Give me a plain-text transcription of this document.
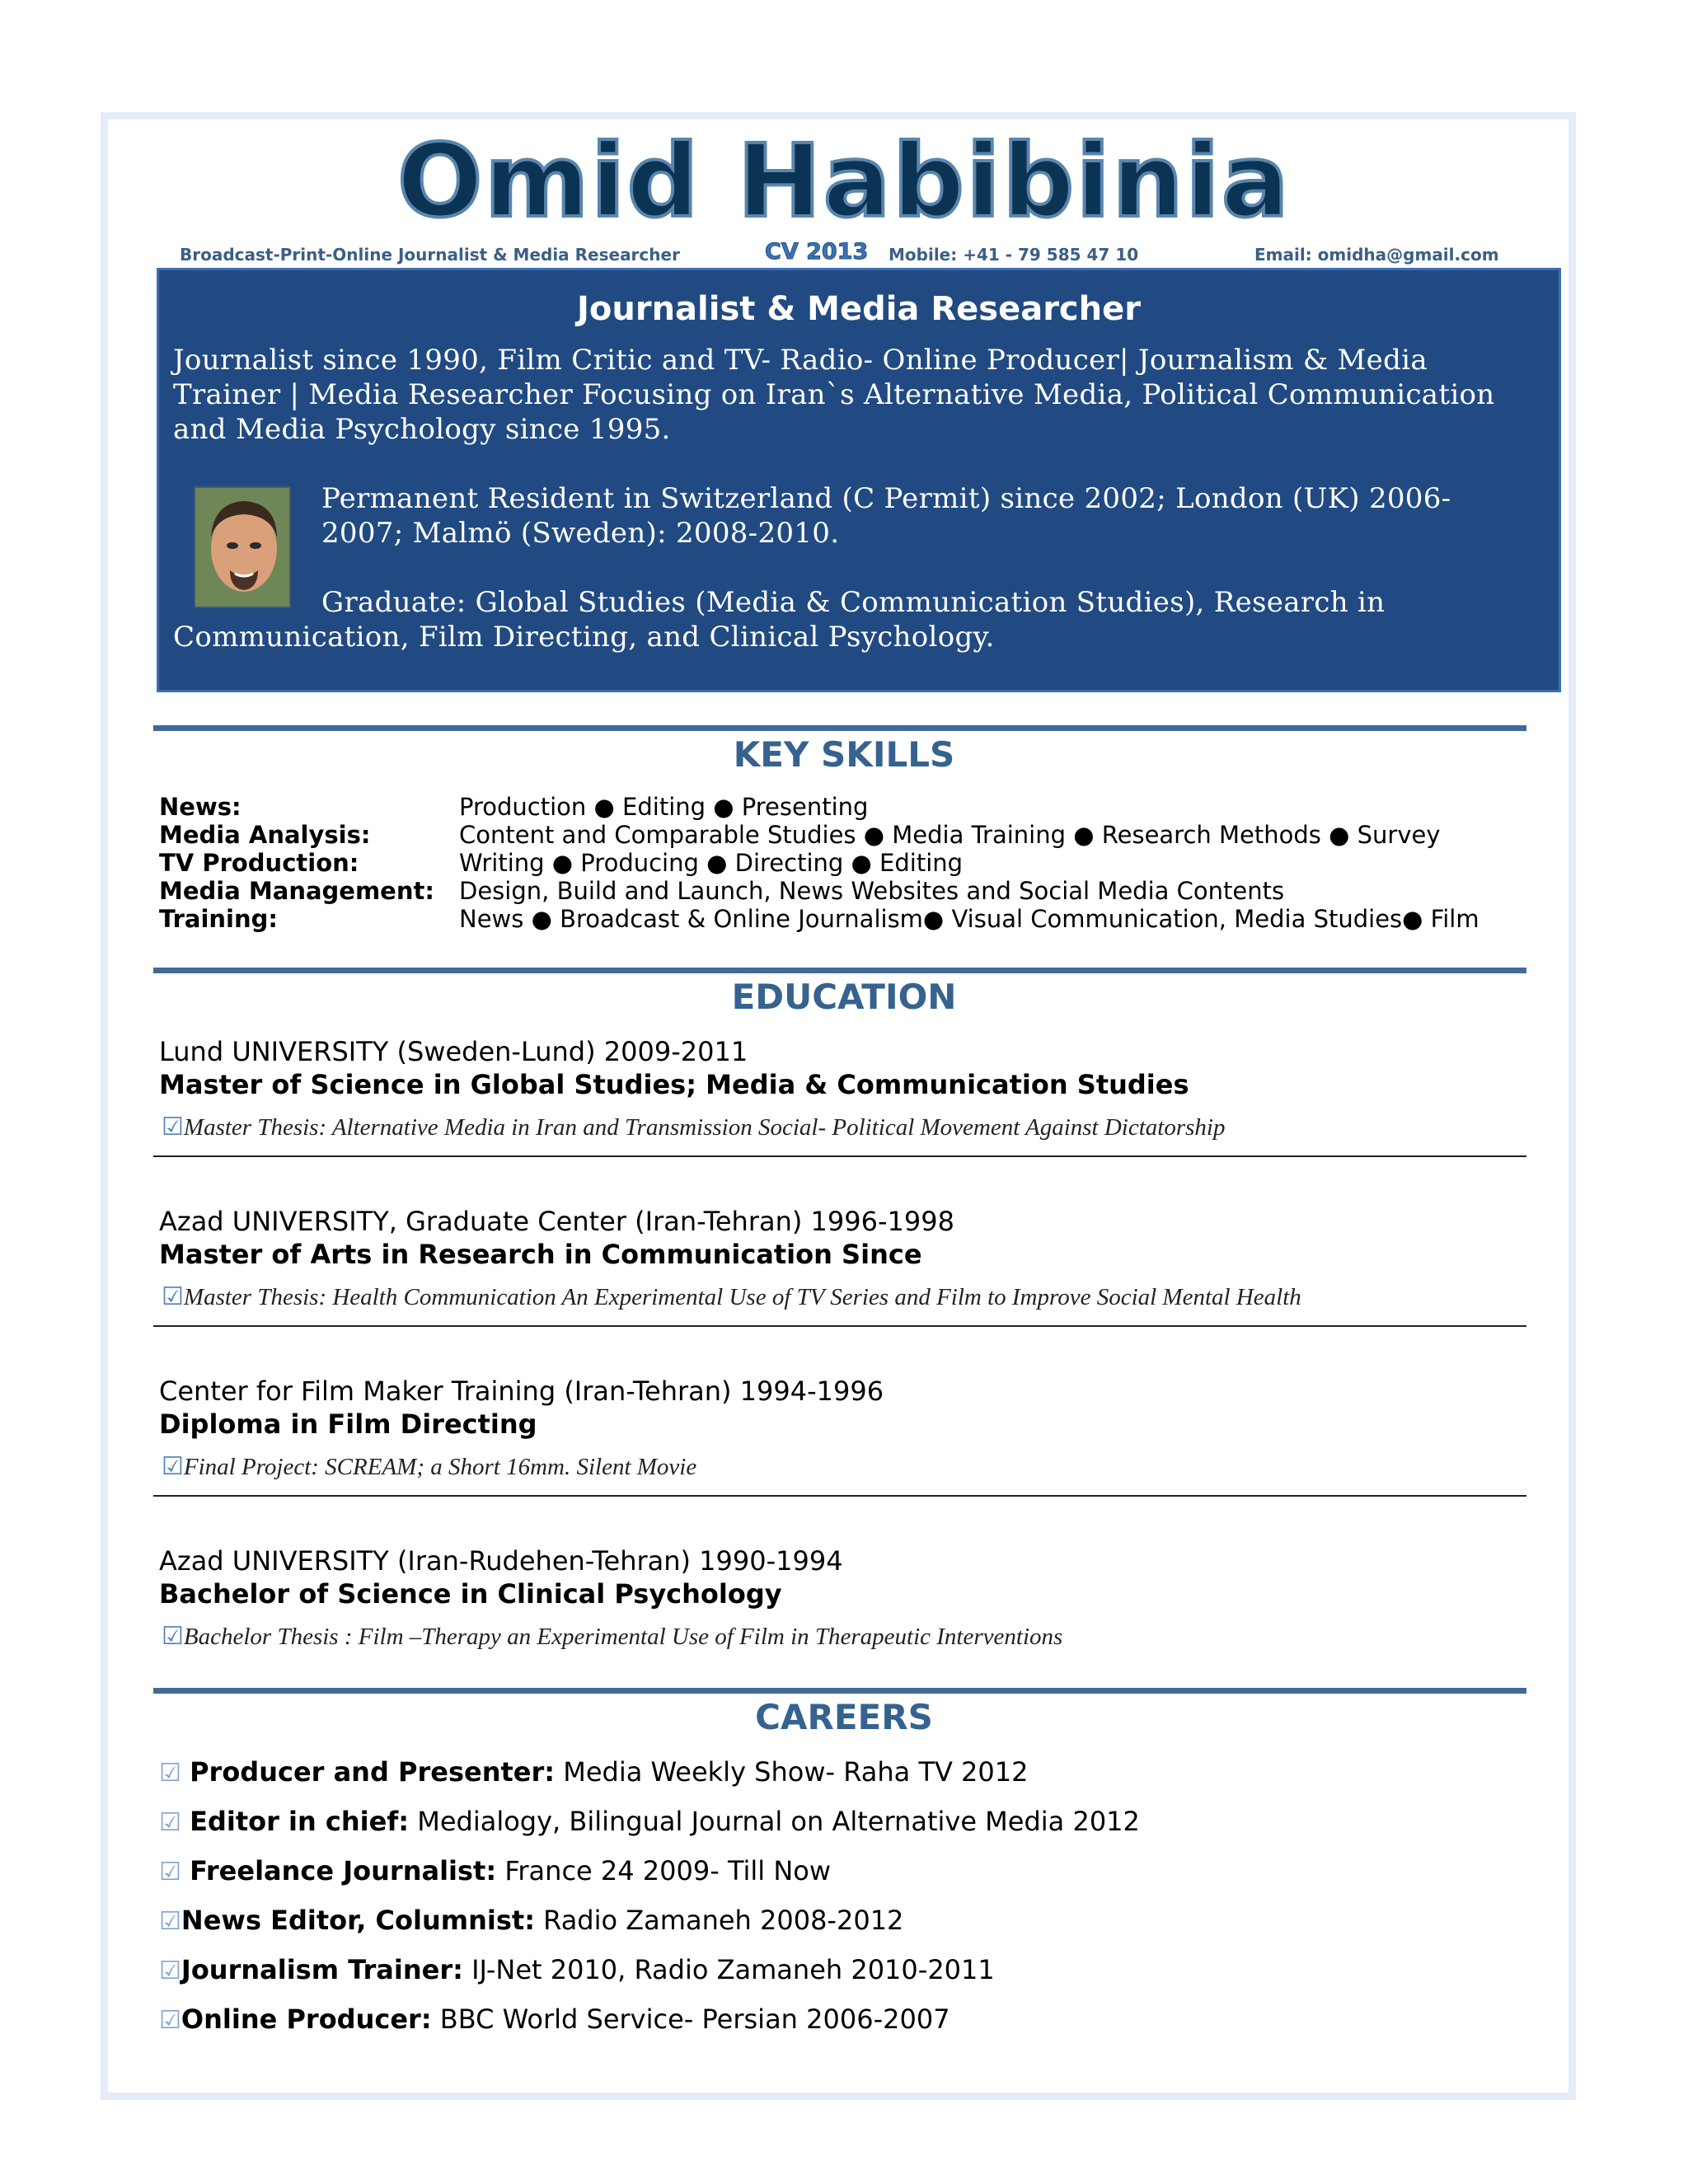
Omid Habibinia
Broadcast-Print-Online Journalist & Media Researcher	CV 2013 Mobile: +41 - 79 585 47 10	Email: omidha@gmail.com
Journalist & Media Researcher
Journalist since 1990, Film Critic and TV- Radio- Online Producer| Journalism & Media
Trainer | Media Researcher Focusing on Iran`s Alternative Media, Political Communication
and Media Psychology since 1995.
Permanent Resident in Switzerland (C Permit) since 2002; London (UK) 2006-
2007; Malmö (Sweden): 2008-2010.
Graduate: Global Studies (Media & Communication Studies), Research in
Communication, Film Directing, and Clinical Psychology.
KEY SKILLS
News:	Production ● Editing ● Presenting
Media Analysis:	Content and Comparable Studies ● Media Training ● Research Methods ● Survey
TV Production:	Writing ● Producing ● Directing ● Editing
Media Management: Design, Build and Launch, News Websites and Social Media Contents
Training:	News ● Broadcast & Online Journalism● Visual Communication, Media Studies● Film
EDUCATION
Lund UNIVERSITY (Sweden-Lund) 2009-2011
Master of Science in Global Studies; Media & Communication Studies
☑Master Thesis: Alternative Media in Iran and Transmission Social- Political Movement Against Dictatorship
Azad UNIVERSITY, Graduate Center (Iran-Tehran) 1996-1998
Master of Arts in Research in Communication Since
☑Master Thesis: Health Communication An Experimental Use of TV Series and Film to Improve Social Mental Health
Center for Film Maker Training (Iran-Tehran) 1994-1996
Diploma in Film Directing
☑Final Project: SCREAM; a Short 16mm. Silent Movie
Azad UNIVERSITY (Iran-Rudehen-Tehran) 1990-1994
Bachelor of Science in Clinical Psychology
☑Bachelor Thesis : Film –Therapy an Experimental Use of Film in Therapeutic Interventions
CAREERS
☑ Producer and Presenter: Media Weekly Show- Raha TV 2012
☑ Editor in chief: Medialogy, Bilingual Journal on Alternative Media 2012
☑ Freelance Journalist: France 24 2009- Till Now
☑News Editor, Columnist: Radio Zamaneh 2008-2012
☑Journalism Trainer: IJ-Net 2010, Radio Zamaneh 2010-2011
☑Online Producer: BBC World Service- Persian 2006-2007
